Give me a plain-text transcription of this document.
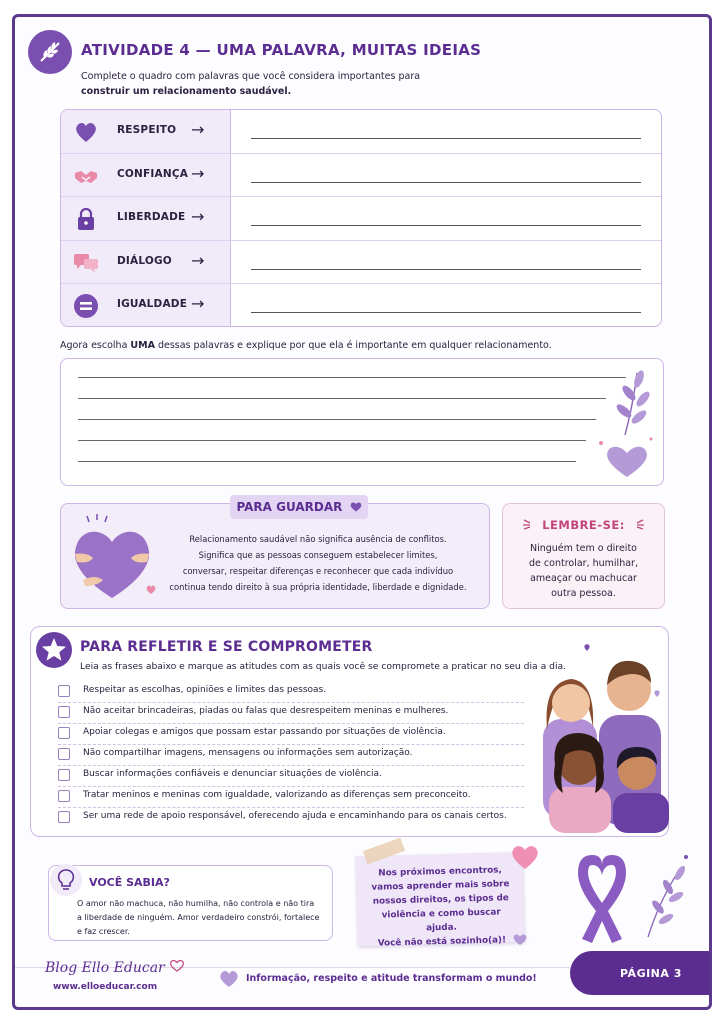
ATIVIDADE 4 — UMA PALAVRA, MUITAS IDEIAS
Complete o quadro com palavras que você considera importantes para
construir um relacionamento saudável.
RESPEITO →
CONFIANÇA →
LIBERDADE →
DIÁLOGO →
IGUALDADE →
Agora escolha UMA dessas palavras e explique por que ela é importante em qualquer relacionamento.
PARA GUARDAR
Relacionamento saudável não significa ausência de conflitos.
Significa que as pessoas conseguem estabelecer limites,
conversar, respeitar diferenças e reconhecer que cada indivíduo
continua tendo direito à sua própria identidade, liberdade e dignidade.
LEMBRE-SE:
Ninguém tem o direito
de controlar, humilhar,
ameaçar ou machucar
outra pessoa.
PARA REFLETIR E SE COMPROMETER
Leia as frases abaixo e marque as atitudes com as quais você se compromete a praticar no seu dia a dia.
Respeitar as escolhas, opiniões e limites das pessoas.
Não aceitar brincadeiras, piadas ou falas que desrespeitem meninas e mulheres.
Apoiar colegas e amigos que possam estar passando por situações de violência.
Não compartilhar imagens, mensagens ou informações sem autorização.
Buscar informações confiáveis e denunciar situações de violência.
Tratar meninos e meninas com igualdade, valorizando as diferenças sem preconceito.
Ser uma rede de apoio responsável, oferecendo ajuda e encaminhando para os canais certos.
VOCÊ SABIA?
O amor não machuca, não humilha, não controla e não tira
a liberdade de ninguém. Amor verdadeiro constrói, fortalece
e faz crescer.
Nos próximos encontros,
vamos aprender mais sobre
nossos direitos, os tipos de
violência e como buscar ajuda.
Você não está sozinho(a)!
Blog Ello Educar
www.elloeducar.com
Informação, respeito e atitude transformam o mundo!	PÁGINA 3
